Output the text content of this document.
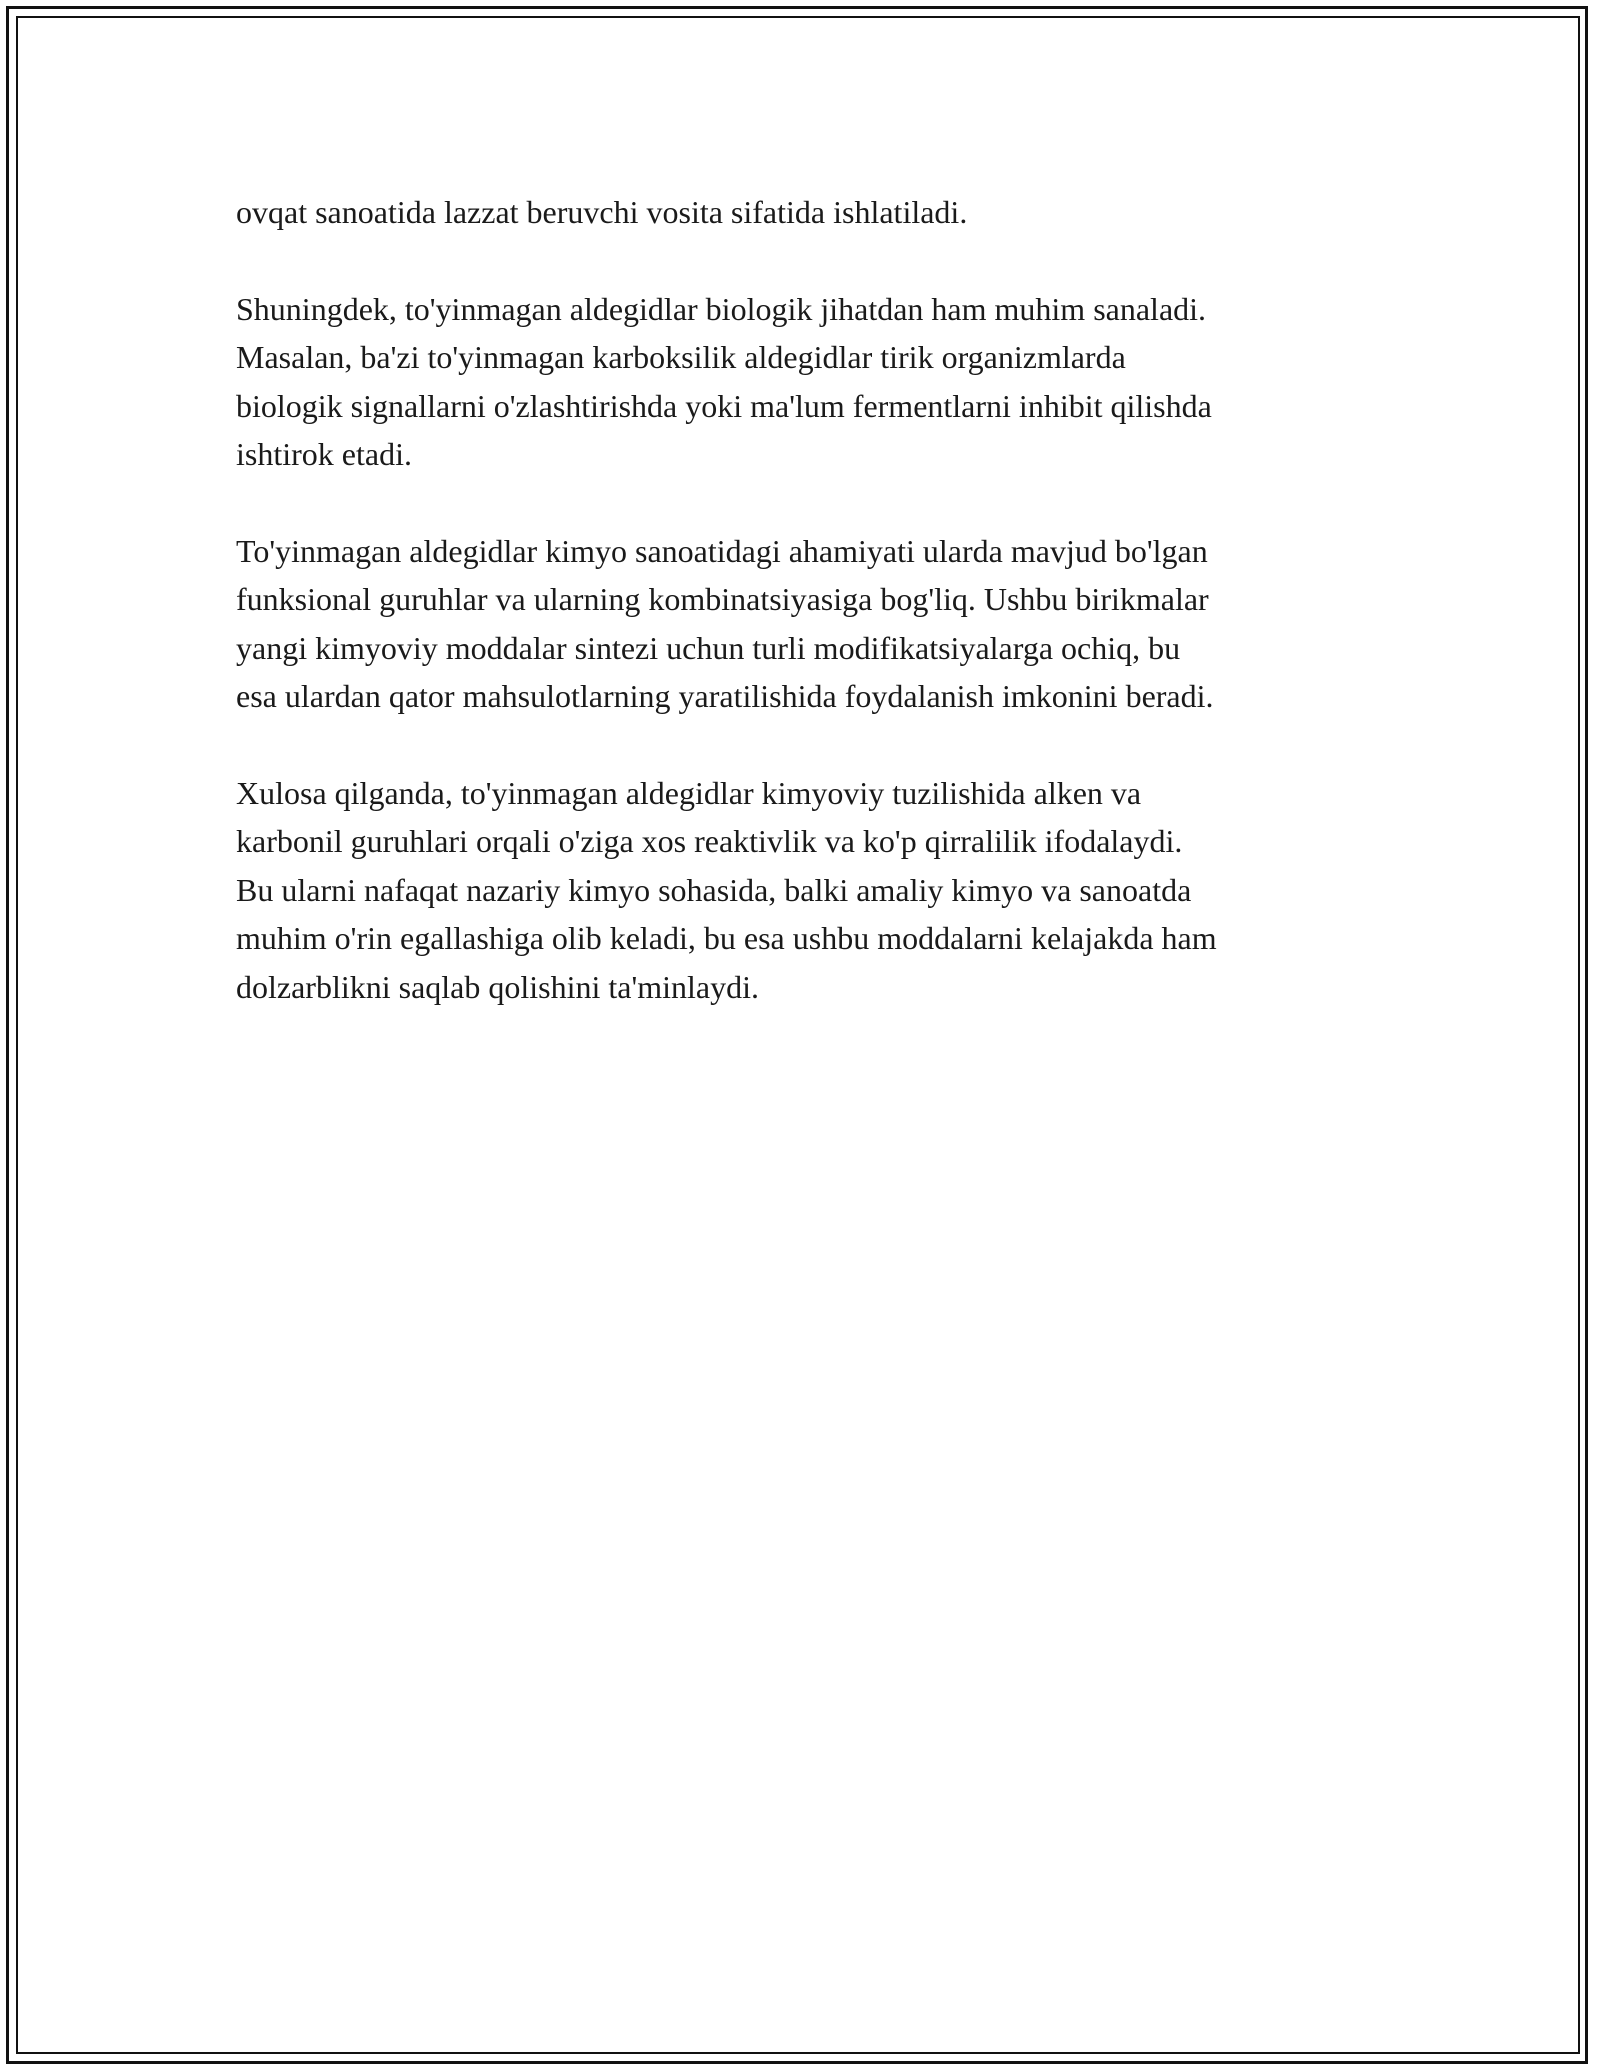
ovqat sanoatida lazzat beruvchi vosita sifatida ishlatiladi.

Shuningdek, to'yinmagan aldegidlar biologik jihatdan ham muhim sanaladi.
Masalan, ba'zi to'yinmagan karboksilik aldegidlar tirik organizmlarda
biologik signallarni o'zlashtirishda yoki ma'lum fermentlarni inhibit qilishda
ishtirok etadi.

To'yinmagan aldegidlar kimyo sanoatidagi ahamiyati ularda mavjud bo'lgan
funksional guruhlar va ularning kombinatsiyasiga bog'liq. Ushbu birikmalar
yangi kimyoviy moddalar sintezi uchun turli modifikatsiyalarga ochiq, bu
esa ulardan qator mahsulotlarning yaratilishida foydalanish imkonini beradi.

Xulosa qilganda, to'yinmagan aldegidlar kimyoviy tuzilishida alken va
karbonil guruhlari orqali o'ziga xos reaktivlik va ko'p qirralilik ifodalaydi.
Bu ularni nafaqat nazariy kimyo sohasida, balki amaliy kimyo va sanoatda
muhim o'rin egallashiga olib keladi, bu esa ushbu moddalarni kelajakda ham
dolzarblikni saqlab qolishini ta'minlaydi.
